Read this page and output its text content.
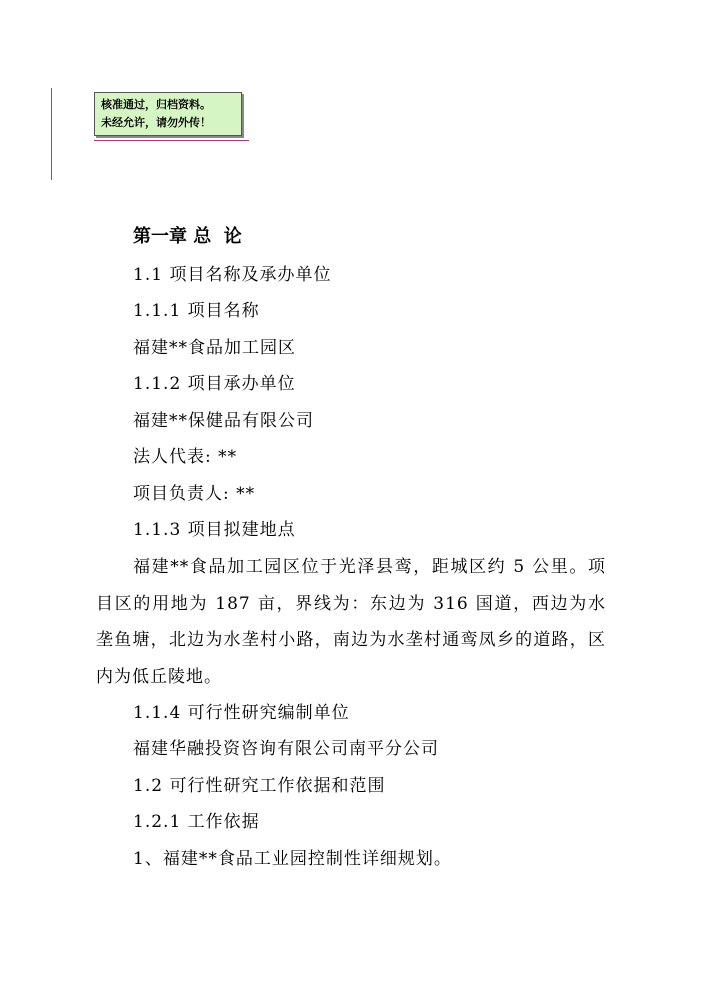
核准通过，归档资料。
未经允许，请勿外传！
第一章 总  论
1.1 项目名称及承办单位
1.1.1 项目名称
福建**食品加工园区
1.1.2 项目承办单位
福建**保健品有限公司
法人代表: **
项目负责人: **
1.1.3 项目拟建地点
福建**食品加工园区位于光泽县鸾，距城区约 5 公里。项目区的用地为 187 亩，界线为：东边为 316 国道，西边为水垄鱼塘，北边为水垄村小路，南边为水垄村通鸾凤乡的道路，区内为低丘陵地。
1.1.4 可行性研究编制单位
福建华融投资咨询有限公司南平分公司
1.2 可行性研究工作依据和范围
1.2.1 工作依据
1、福建**食品工业园控制性详细规划。
